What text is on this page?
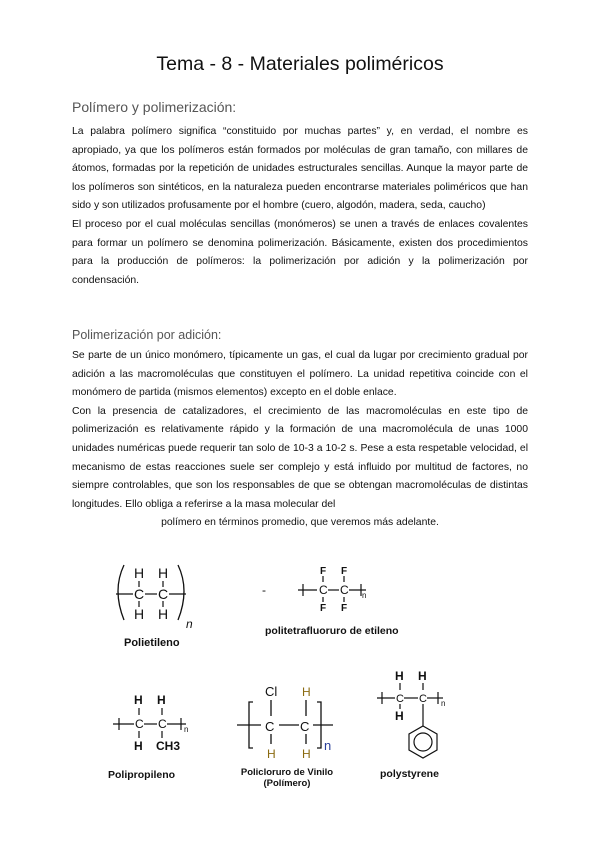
Tema - 8 - Materiales poliméricos
Polímero y polimerización:

La palabra polímero significa “constituido por muchas partes” y, en verdad, el nombre es apropiado, ya que los polímeros están formados por moléculas de gran tamaño, con millares de átomos, formadas por la repetición de unidades estructurales sencillas. Aunque la mayor parte de los polímeros son sintéticos, en la naturaleza pueden encontrarse materiales poliméricos que han sido y son utilizados profusamente por el hombre (cuero, algodón, madera, seda, caucho)

El proceso por el cual moléculas sencillas (monómeros) se unen a través de enlaces covalentes para formar un polímero se denomina polimerización. Básicamente, existen dos procedimientos para la producción de polímeros: la polimerización por adición y la polimerización por condensación.

Polimerización por adición:

Se parte de un único monómero, típicamente un gas, el cual da lugar por crecimiento gradual por adición a las macromoléculas que constituyen el polímero. La unidad repetitiva coincide con el monómero de partida (mismos elementos) excepto en el doble enlace.

Con la presencia de catalizadores, el crecimiento de las macromoléculas en este tipo de polimerización es relativamente rápido y la formación de una macromolécula de unas 1000 unidades numéricas puede requerir tan solo de 10-3 a 10-2 s. Pese a esta respetable velocidad, el mecanismo de estas reacciones suele ser complejo y está influido por multitud de factores, no siempre controlables, que son los responsables de que se obtengan macromoléculas de distintas longitudes. Ello obliga a referirse a la masa molecular del

polímero en términos promedio, que veremos más adelante.

H H
C C
H H
n
Polietileno
-
F F
F F
C C n
politetrafluoruro de etileno
H H
H CH3
C C n
Polipropileno
Cl
C C
H
H H
n
Policloruro de Vinilo
(Polímero)
H H
H
C C n
polystyrene
